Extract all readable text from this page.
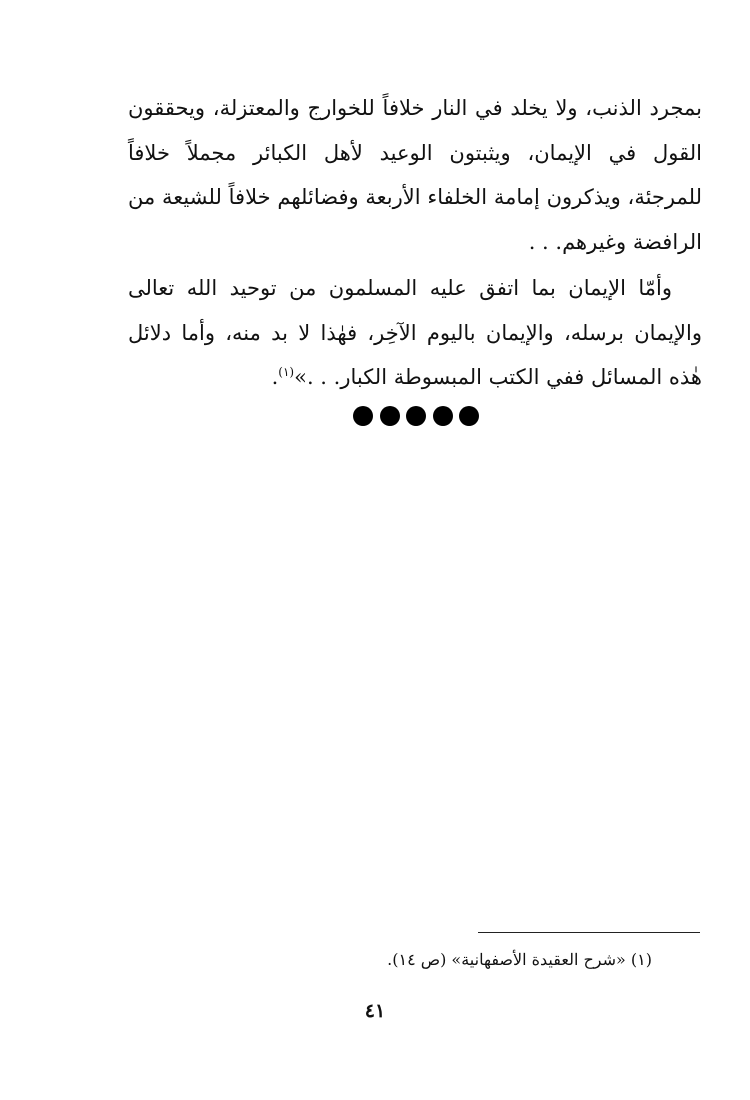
بمجرد الذنب، ولا يخلد في النار خلافاً للخوارج والمعتزلة، ويحققون القول في الإيمان، ويثبتون الوعيد لأهل الكبائر مجملاً خلافاً للمرجئة، ويذكرون إمامة الخلفاء الأربعة وفضائلهم خلافاً للشيعة من الرافضة وغيرهم. . .

وأمّا الإيمان بما اتفق عليه المسلمون من توحيد الله تعالى والإيمان برسله، والإيمان باليوم الآخِر، فهٰذا لا بد منه، وأما دلائل هٰذه المسائل ففي الكتب المبسوطة الكبار. . .»$^{(١)}$.

(١) «شرح العقيدة الأصفهانية» (ص ١٤).
٤١
